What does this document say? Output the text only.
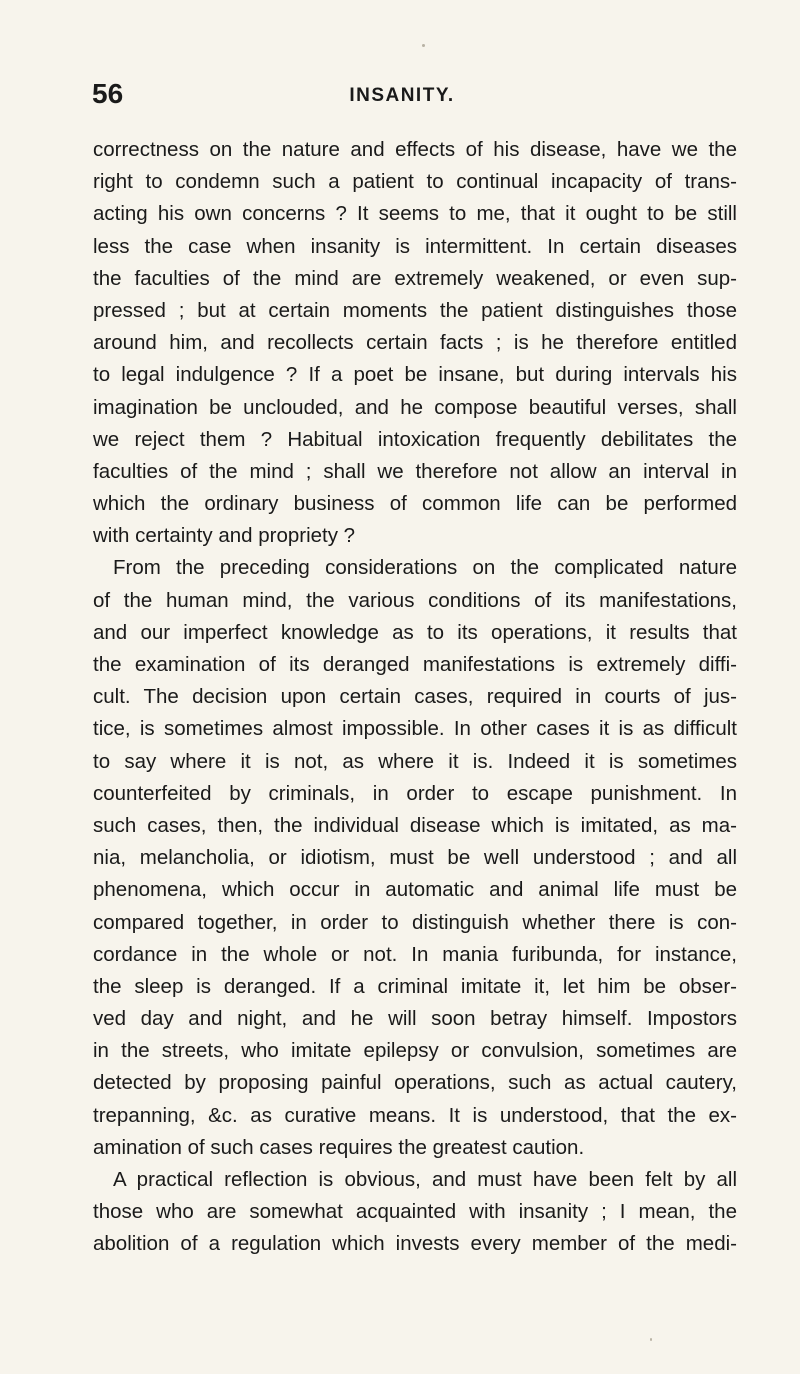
56	INSANITY.
correctness on the nature and effects of his disease, have we the
right to condemn such a patient to continual incapacity of trans-
acting his own concerns ? It seems to me, that it ought to be still
less the case when insanity is intermittent. In certain diseases
the faculties of the mind are extremely weakened, or even sup-
pressed ; but at certain moments the patient distinguishes those
around him, and recollects certain facts ; is he therefore entitled
to legal indulgence ? If a poet be insane, but during intervals his
imagination be unclouded, and he compose beautiful verses, shall
we reject them ? Habitual intoxication frequently debilitates the
faculties of the mind ; shall we therefore not allow an interval in
which the ordinary business of common life can be performed
with certainty and propriety ?
From the preceding considerations on the complicated nature
of the human mind, the various conditions of its manifestations,
and our imperfect knowledge as to its operations, it results that
the examination of its deranged manifestations is extremely diffi-
cult. The decision upon certain cases, required in courts of jus-
tice, is sometimes almost impossible. In other cases it is as difficult
to say where it is not, as where it is. Indeed it is sometimes
counterfeited by criminals, in order to escape punishment. In
such cases, then, the individual disease which is imitated, as ma-
nia, melancholia, or idiotism, must be well understood ; and all
phenomena, which occur in automatic and animal life must be
compared together, in order to distinguish whether there is con-
cordance in the whole or not. In mania furibunda, for instance,
the sleep is deranged. If a criminal imitate it, let him be obser-
ved day and night, and he will soon betray himself. Impostors
in the streets, who imitate epilepsy or convulsion, sometimes are
detected by proposing painful operations, such as actual cautery,
trepanning, &c. as curative means. It is understood, that the ex-
amination of such cases requires the greatest caution.
A practical reflection is obvious, and must have been felt by all
those who are somewhat acquainted with insanity ; I mean, the
abolition of a regulation which invests every member of the medi-
